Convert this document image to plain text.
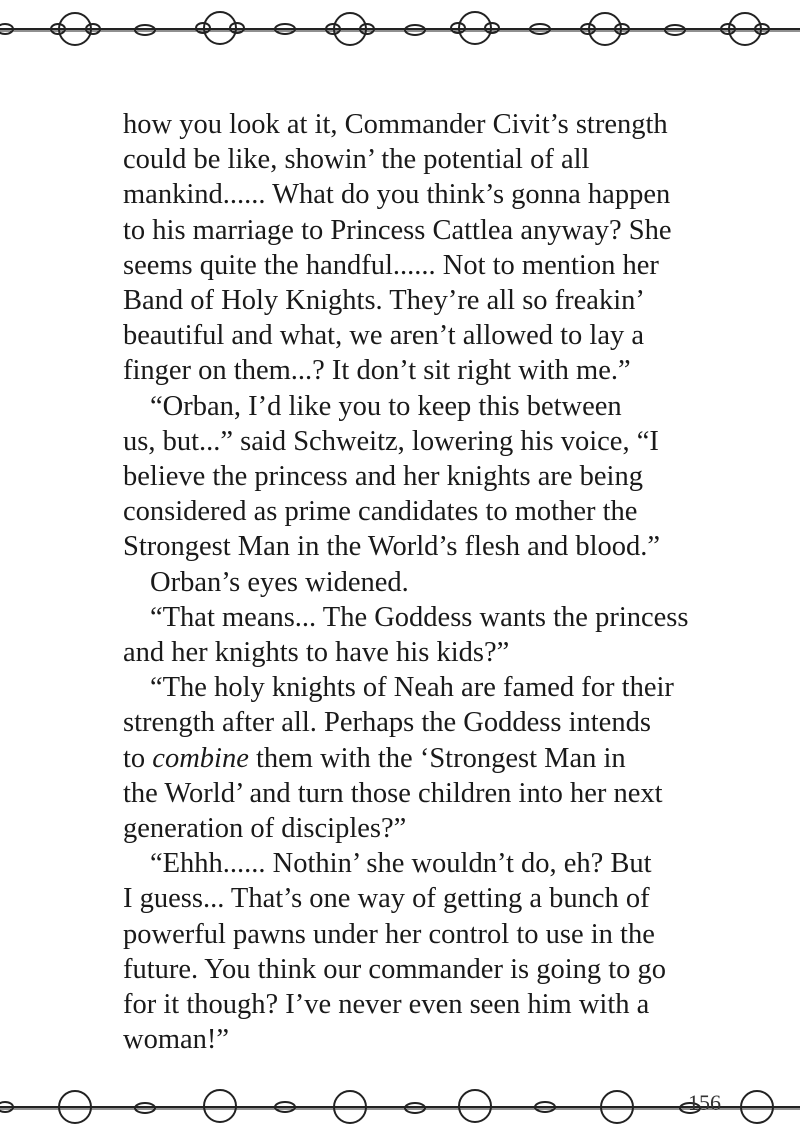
how you look at it, Commander Civit’s strength
could be like, showin’ the potential of all
mankind...... What do you think’s gonna happen
to his marriage to Princess Cattlea anyway? She
seems quite the handful...... Not to mention her
Band of Holy Knights. They’re all so freakin’
beautiful and what, we aren’t allowed to lay a
finger on them...? It don’t sit right with me.”
“Orban, I’d like you to keep this between
us, but...” said Schweitz, lowering his voice, “I
believe the princess and her knights are being
considered as prime candidates to mother the
Strongest Man in the World’s flesh and blood.”
Orban’s eyes widened.
“That means... The Goddess wants the princess
and her knights to have his kids?”
“The holy knights of Neah are famed for their
strength after all. Perhaps the Goddess intends
to combine them with the ‘Strongest Man in
the World’ and turn those children into her next
generation of disciples?”
“Ehhh...... Nothin’ she wouldn’t do, eh? But
I guess... That’s one way of getting a bunch of
powerful pawns under her control to use in the
future. You think our commander is going to go
for it though? I’ve never even seen him with a
woman!”
156
